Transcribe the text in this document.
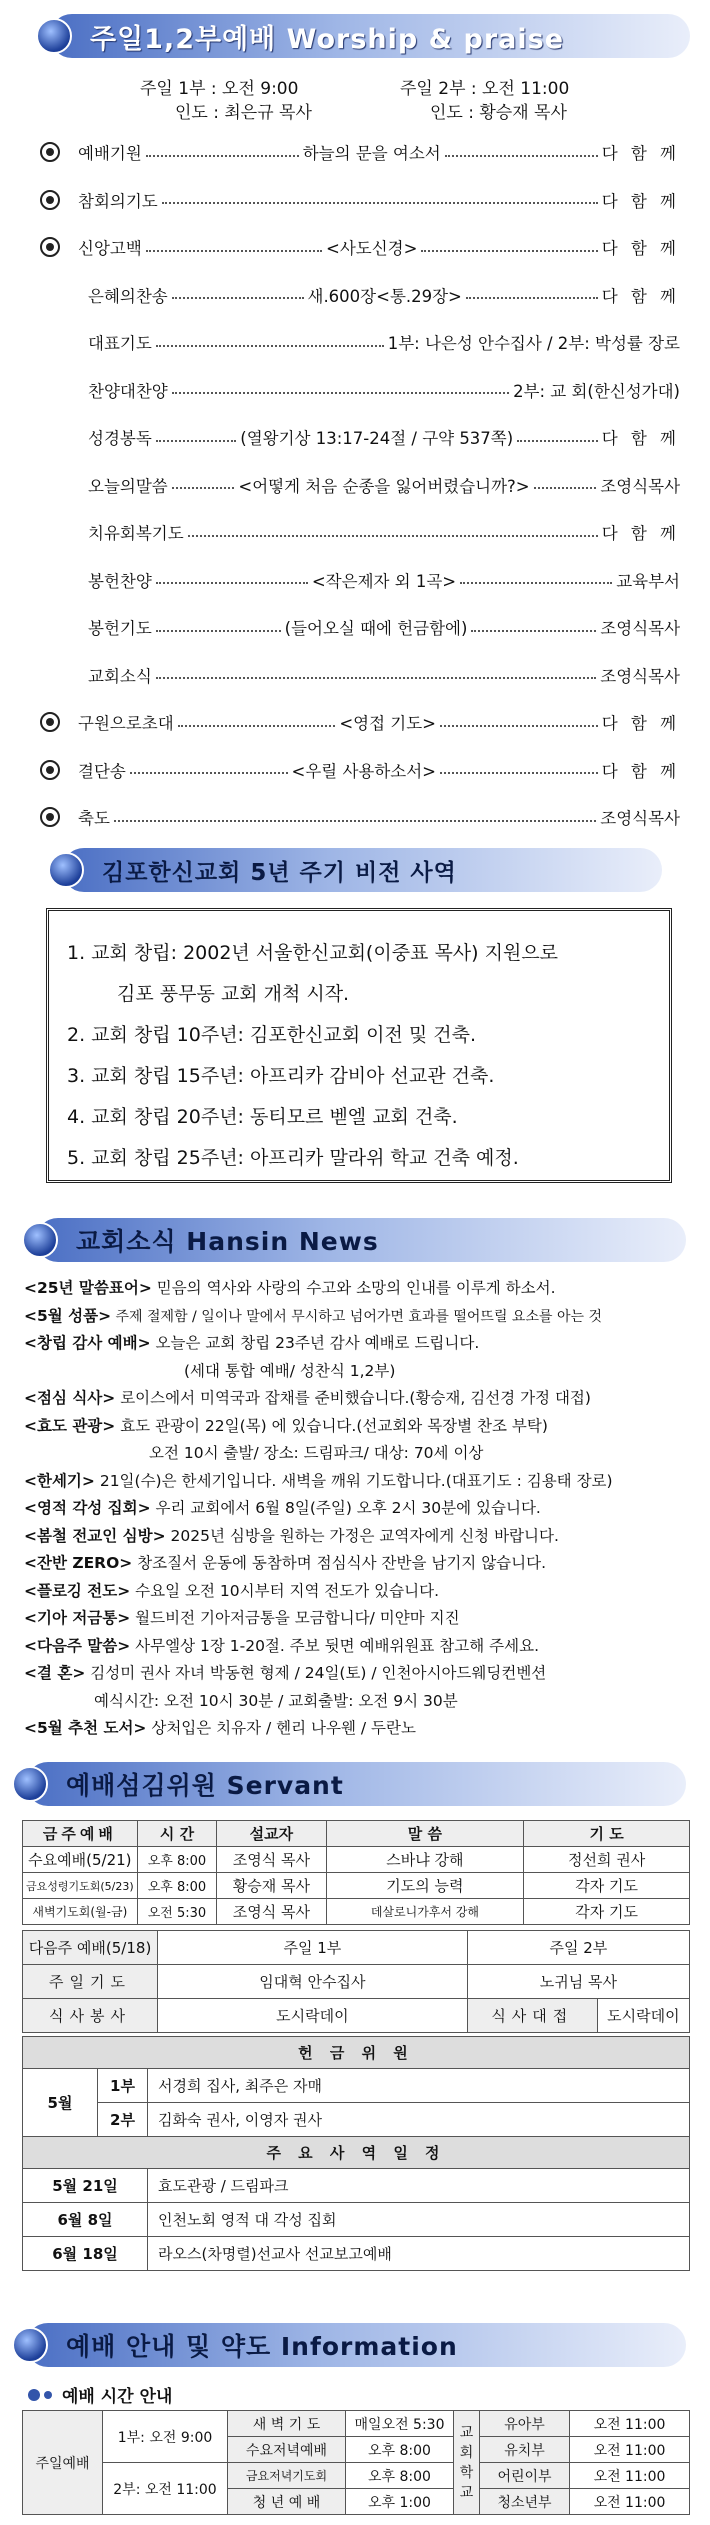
주일1,2부예배 Worship & praise
주일 1부 : 오전 9:00	주일 2부 : 오전 11:00
인도 : 최은규 목사	인도 : 황승재 목사
예배기원	하늘의 문을 여소서	다 함 께
참회의기도	다 함 께
신앙고백	<사도신경>	다 함 께
은혜의찬송	새.600장<통.29장>	다 함 께
대표기도	1부: 나은성 안수집사 / 2부: 박성률 장로
찬양대찬양	2부: 교 회(한신성가대)
성경봉독	(열왕기상 13:17-24절 / 구약 537쪽)	다 함 께
오늘의말씀	<어떻게 처음 순종을 잃어버렸습니까?>	조영식목사
치유회복기도	다 함 께
봉헌찬양	<작은제자 외 1곡>	교육부서
봉헌기도	(들어오실 때에 헌금함에)	조영식목사
교회소식	조영식목사
구원으로초대	<영접 기도>	다 함 께
결단송	<우릴 사용하소서>	다 함 께
축도	조영식목사
김포한신교회 5년 주기 비전 사역
1. 교회 창립: 2002년 서울한신교회(이중표 목사) 지원으로
김포 풍무동 교회 개척 시작.
2. 교회 창립 10주년: 김포한신교회 이전 및 건축.
3. 교회 창립 15주년: 아프리카 감비아 선교관 건축.
4. 교회 창립 20주년: 동티모르 벧엘 교회 건축.
5. 교회 창립 25주년: 아프리카 말라위 학교 건축 예정.
교회소식 Hansin News
<25년 말씀표어> 믿음의 역사와 사랑의 수고와 소망의 인내를 이루게 하소서.
<5월 성품> 주제 절제함 / 일이나 말에서 무시하고 넘어가면 효과를 떨어뜨릴 요소를 아는 것
<창립 감사 예배> 오늘은 교회 창립 23주년 감사 예배로 드립니다.
(세대 통합 예배/ 성찬식 1,2부)
<점심 식사> 로이스에서 미역국과 잡채를 준비했습니다.(황승재, 김선경 가정 대접)
<효도 관광> 효도 관광이 22일(목) 에 있습니다.(선교회와 목장별 찬조 부탁)
오전 10시 출발/ 장소: 드림파크/ 대상: 70세 이상
<한세기> 21일(수)은 한세기입니다. 새벽을 깨워 기도합니다.(대표기도 : 김용태 장로)
<영적 각성 집회> 우리 교회에서 6월 8일(주일) 오후 2시 30분에 있습니다.
<봄철 전교인 심방> 2025년 심방을 원하는 가정은 교역자에게 신청 바랍니다.
<잔반 ZERO> 창조질서 운동에 동참하며 점심식사 잔반을 남기지 않습니다.
<플로깅 전도> 수요일 오전 10시부터 지역 전도가 있습니다.
<기아 저금통> 월드비전 기아저금통을 모금합니다/ 미얀마 지진
<다음주 말씀> 사무엘상 1장 1-20절. 주보 뒷면 예배위원표 참고해 주세요.
<결 혼> 김성미 권사 자녀 박동현 형제 / 24일(토) / 인천아시아드웨딩컨벤션
예식시간: 오전 10시 30분 / 교회출발: 오전 9시 30분
<5월 추천 도서> 상처입은 치유자 / 헨리 나우웬 / 두란노
예배섬김위원 Servant
금주예배	시 간	설교자	말 씀	기 도
수요예배(5/21)	오후 8:00	조영식 목사	스바냐 강해	정선희 권사
금요성령기도회(5/23)	오후 8:00	황승재 목사	기도의 능력	각자 기도
새벽기도회(월-금)	오전 5:30	조영식 목사	데살로니가후서 강해	각자 기도
다음주 예배(5/18)	주일 1부	주일 2부	
주일기도	임대혁 안수집사	노귀님 목사	
식사봉사	도시락데이	식사대접	도시락데이
헌 금 위 원		
5월	1부	서경희 집사, 최주은 자매
	2부	김화숙 권사, 이영자 권사
주 요 사 역 일 정		
5월 21일		효도관광 / 드림파크
6월 8일		인천노회 영적 대 각성 집회
6월 18일		라오스(차명렬)선교사 선교보고예배
예배 안내 및 약도 Information
예배 시간 안내
주일예배	1부: 오전 9:00	새 벽 기 도	매일오전 5:30	교회학교	유아부	오전 11:00
		수요저녁예배	오후 8:00		유치부	오전 11:00
	2부: 오전 11:00	금요저녁기도회	오후 8:00		어린이부	오전 11:00
		청 년 예 배	오후 1:00		청소년부	오전 11:00
